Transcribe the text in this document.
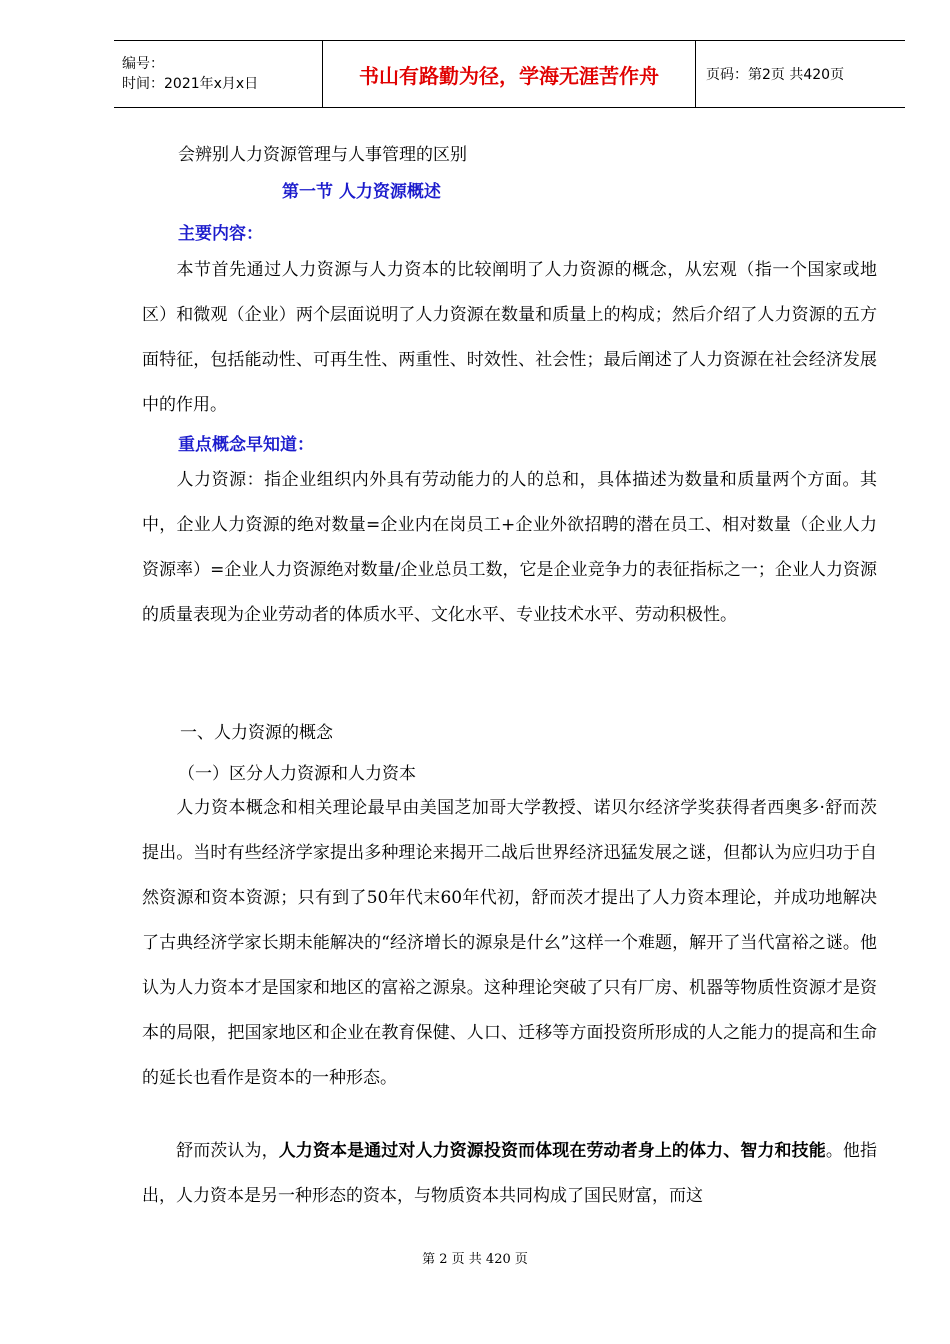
编号：
时间：2021年x月x日	书山有路勤为径，学海无涯苦作舟	页码：第2页 共420页
会辨别人力资源管理与人事管理的区别
第一节 人力资源概述
主要内容：
本节首先通过人力资源与人力资本的比较阐明了人力资源的概念，从宏观（指一个国家或地区）和微观（企业）两个层面说明了人力资源在数量和质量上的构成；然后介绍了人力资源的五方面特征，包括能动性、可再生性、两重性、时效性、社会性；最后阐述了人力资源在社会经济发展中的作用。
重点概念早知道：
人力资源：指企业组织内外具有劳动能力的人的总和，具体描述为数量和质量两个方面。其中，企业人力资源的绝对数量=企业内在岗员工+企业外欲招聘的潜在员工、相对数量（企业人力资源率）=企业人力资源绝对数量/企业总员工数，它是企业竞争力的表征指标之一；企业人力资源的质量表现为企业劳动者的体质水平、文化水平、专业技术水平、劳动积极性。
一、人力资源的概念
（一）区分人力资源和人力资本
人力资本概念和相关理论最早由美国芝加哥大学教授、诺贝尔经济学奖获得者西奥多·舒而茨提出。当时有些经济学家提出多种理论来揭开二战后世界经济迅猛发展之谜，但都认为应归功于自然资源和资本资源；只有到了50年代末60年代初，舒而茨才提出了人力资本理论，并成功地解决了古典经济学家长期未能解决的“经济增长的源泉是什幺”这样一个难题，解开了当代富裕之谜。他认为人力资本才是国家和地区的富裕之源泉。这种理论突破了只有厂房、机器等物质性资源才是资本的局限，把国家地区和企业在教育保健、人口、迁移等方面投资所形成的人之能力的提高和生命的延长也看作是资本的一种形态。
舒而茨认为，人力资本是通过对人力资源投资而体现在劳动者身上的体力、智力和技能。他指出，人力资本是另一种形态的资本，与物质资本共同构成了国民财富，而这
第 2 页 共 420 页
